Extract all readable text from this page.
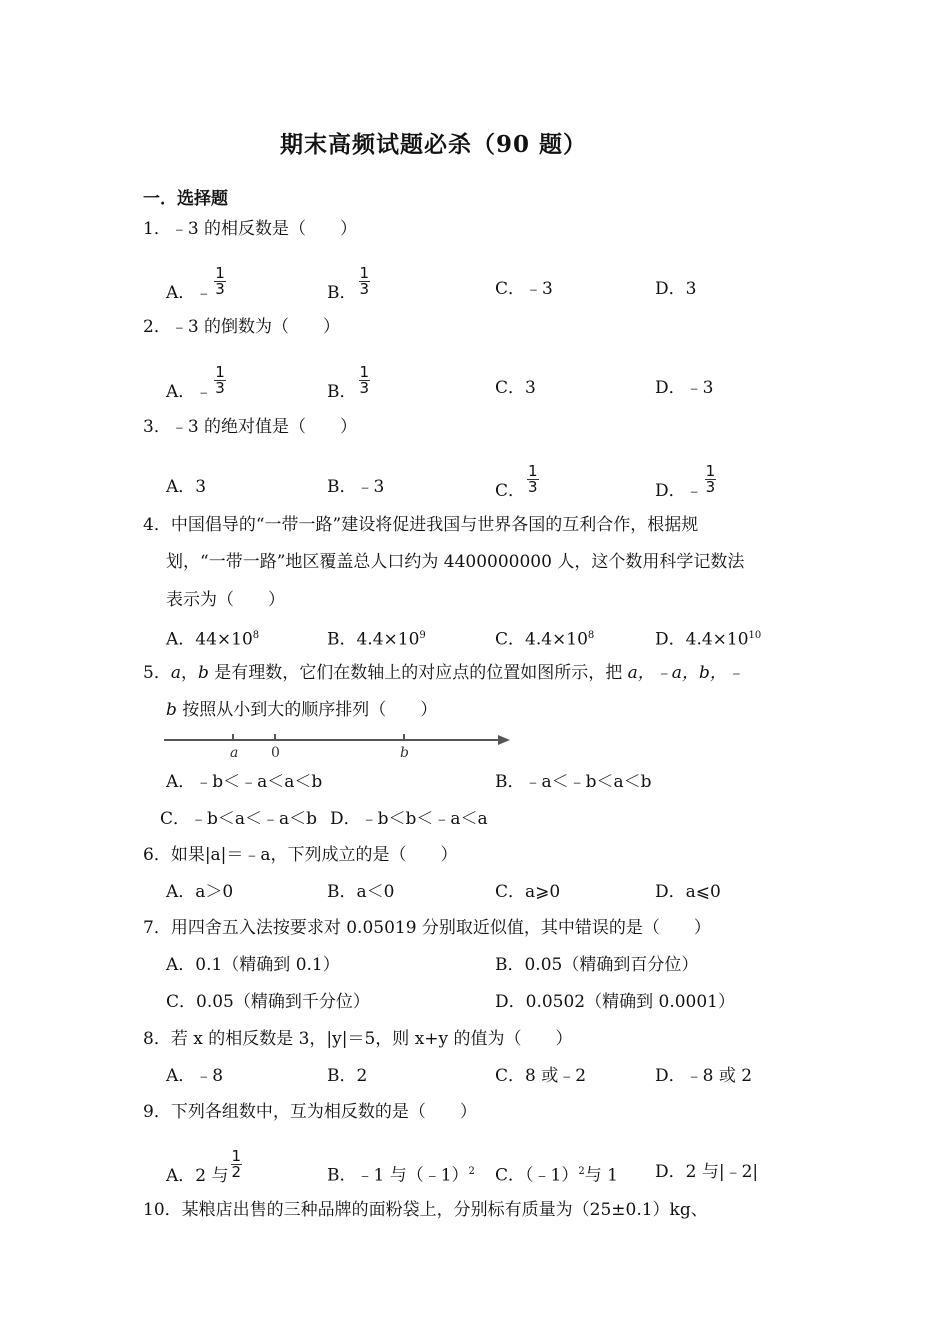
期末高频试题必杀（90 题）
一．选择题
1．﹣3 的相反数是（　　）
A．﹣ $\frac{1}{3}$	B． $\frac{1}{3}$	C．﹣3	D．3
2．﹣3 的倒数为（　　）
A．﹣ $\frac{1}{3}$	B． $\frac{1}{3}$	C．3	D．﹣3
3．﹣3 的绝对值是（　　）
A．3	B．﹣3	C． $\frac{1}{3}$	D．﹣ $\frac{1}{3}$
4．中国倡导的“一带一路”建设将促进我国与世界各国的互利合作，根据规
划，“一带一路”地区覆盖总人口约为 4400000000 人，这个数用科学记数法
表示为（　　）
A．$44\times 10^8$	B．$4.4\times 10^9$	C．$4.4\times 10^8$	D．$4.4\times 10^{10}$
5．a，b 是有理数，它们在数轴上的对应点的位置如图所示，把 a，﹣a，b，﹣
b 按照从小到大的顺序排列（　　）
a 0	b
A．﹣b＜﹣a＜a＜b	B．﹣a＜﹣b＜a＜b
C．﹣b＜a＜﹣a＜b D．﹣b＜b＜﹣a＜a
6．如果|a|＝﹣a，下列成立的是（　　）
A．a＞0	B．a＜0	C．a⩾0	D．a⩽0
7．用四舍五入法按要求对 0.05019 分别取近似值，其中错误的是（　　）
A．0.1（精确到 0.1）	B．0.05（精确到百分位）
C．0.05（精确到千分位）	D．0.0502（精确到 0.0001）
8．若 x 的相反数是 3，|y|＝5，则 x+y 的值为（　　）
A．﹣8	B．2	C．8 或﹣2	D．﹣8 或 2
9．下列各组数中，互为相反数的是（　　）
A．2 与 $\frac{1}{2}$	B．﹣1 与（﹣1）$^2$ C．（﹣1）$^2$与 1 D．2 与|﹣2|
10．某粮店出售的三种品牌的面粉袋上，分别标有质量为（25±0.1）kg、
